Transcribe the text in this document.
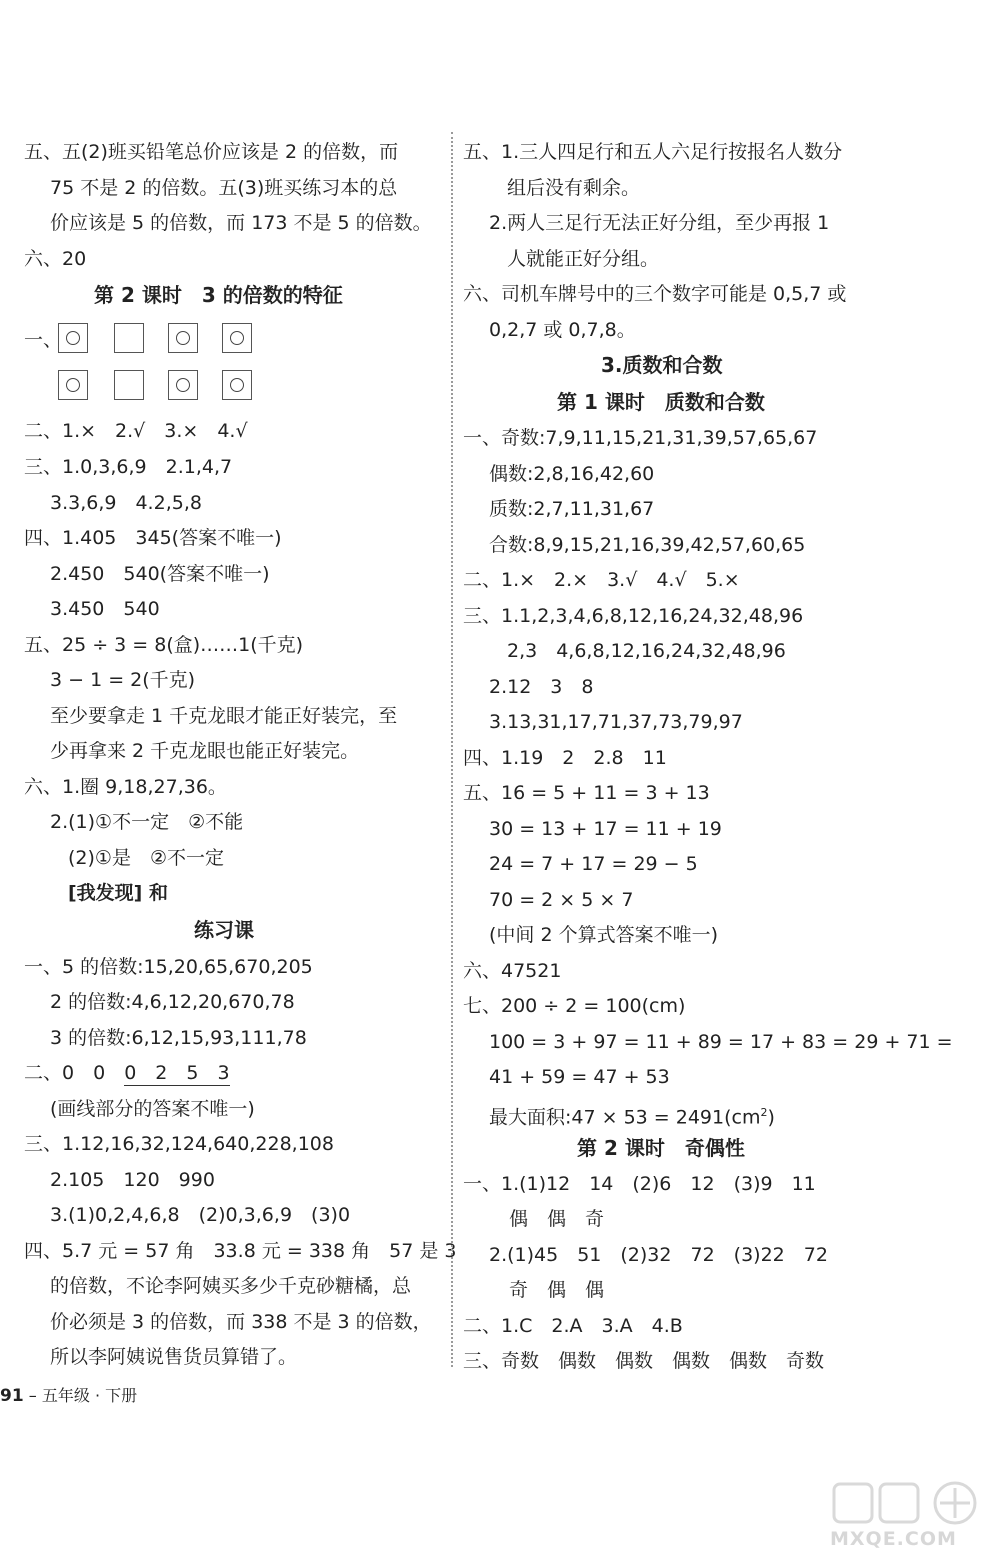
五、五(2)班买铅笔总价应该是 2 的倍数，而
75 不是 2 的倍数。五(3)班买练习本的总
价应该是 5 的倍数，而 173 不是 5 的倍数。
六、20
第 2 课时　3 的倍数的特征
一、
二、1.×　2.√　3.×　4.√
三、1.0,3,6,9　2.1,4,7
3.3,6,9　4.2,5,8
四、1.405　345(答案不唯一)
2.450　540(答案不唯一)
3.450　540
五、25 ÷ 3 = 8(盒)……1(千克)
3 − 1 = 2(千克)
至少要拿走 1 千克龙眼才能正好装完，至
少再拿来 2 千克龙眼也能正好装完。
六、1.圈 9,18,27,36。
2.(1)①不一定　②不能
(2)①是　②不一定
[我发现] 和
练习课
一、5 的倍数:15,20,65,670,205
2 的倍数:4,6,12,20,670,78
3 的倍数:6,12,15,93,111,78
二、0　0　0　2　5　3
(画线部分的答案不唯一)
三、1.12,16,32,124,640,228,108
2.105　120　990
3.(1)0,2,4,6,8　(2)0,3,6,9　(3)0
四、5.7 元 = 57 角　33.8 元 = 338 角　57 是 3
的倍数，不论李阿姨买多少千克砂糖橘，总
价必须是 3 的倍数，而 338 不是 3 的倍数，
所以李阿姨说售货员算错了。
五、1.三人四足行和五人六足行按报名人数分
组后没有剩余。
2.两人三足行无法正好分组，至少再报 1
人就能正好分组。
六、司机车牌号中的三个数字可能是 0,5,7 或
0,2,7 或 0,7,8。
3.质数和合数
第 1 课时　质数和合数
一、奇数:7,9,11,15,21,31,39,57,65,67
偶数:2,8,16,42,60
质数:2,7,11,31,67
合数:8,9,15,21,16,39,42,57,60,65
二、1.×　2.×　3.√　4.√　5.×
三、1.1,2,3,4,6,8,12,16,24,32,48,96
2,3　4,6,8,12,16,24,32,48,96
2.12　3　8
3.13,31,17,71,37,73,79,97
四、1.19　2　2.8　11
五、16 = 5 + 11 = 3 + 13
30 = 13 + 17 = 11 + 19
24 = 7 + 17 = 29 − 5
70 = 2 × 5 × 7
(中间 2 个算式答案不唯一)
六、47521
七、200 ÷ 2 = 100(cm)
100 = 3 + 97 = 11 + 89 = 17 + 83 = 29 + 71 =
41 + 59 = 47 + 53
最大面积:47 × $53 = 2491(cm^2)$
第 2 课时　奇偶性
一、1.(1)12　14　(2)6　12　(3)9　11
偶　偶　奇
2.(1)45　51　(2)32　72　(3)22　72
奇　偶　偶
二、1.C　2.A　3.A　4.B
三、奇数　偶数　偶数　偶数　偶数　奇数
91 – 五年级 · 下册
MXQE.COM
